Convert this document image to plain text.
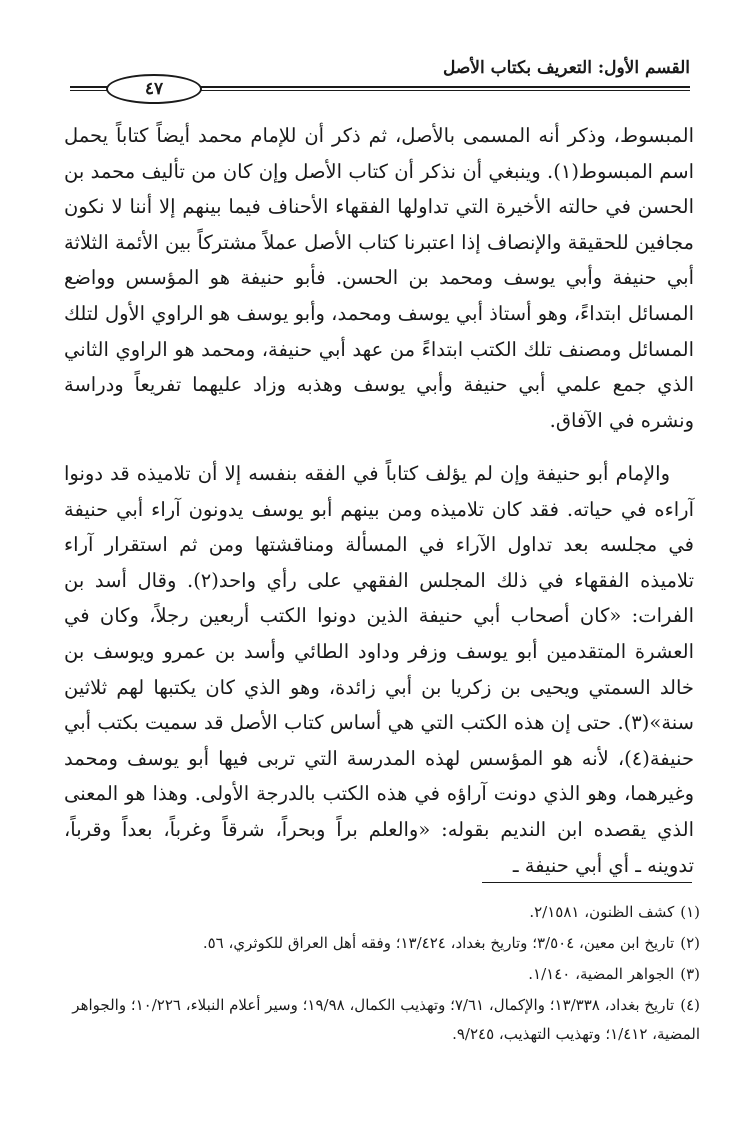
القسم الأول: التعريف بكتاب الأصل
٤٧

المبسوط، وذكر أنه المسمى بالأصل، ثم ذكر أن للإمام محمد أيضاً كتاباً يحمل اسم المبسوط(١). وينبغي أن نذكر أن كتاب الأصل وإن كان من تأليف محمد بن الحسن في حالته الأخيرة التي تداولها الفقهاء الأحناف فيما بينهم إلا أننا لا نكون مجافين للحقيقة والإنصاف إذا اعتبرنا كتاب الأصل عملاً مشتركاً بين الأئمة الثلاثة أبي حنيفة وأبي يوسف ومحمد بن الحسن. فأبو حنيفة هو المؤسس وواضع المسائل ابتداءً، وهو أستاذ أبي يوسف ومحمد، وأبو يوسف هو الراوي الأول لتلك المسائل ومصنف تلك الكتب ابتداءً من عهد أبي حنيفة، ومحمد هو الراوي الثاني الذي جمع علمي أبي حنيفة وأبي يوسف وهذبه وزاد عليهما تفريعاً ودراسة ونشره في الآفاق.

والإمام أبو حنيفة وإن لم يؤلف كتاباً في الفقه بنفسه إلا أن تلاميذه قد دونوا آراءه في حياته. فقد كان تلاميذه ومن بينهم أبو يوسف يدونون آراء أبي حنيفة في مجلسه بعد تداول الآراء في المسألة ومناقشتها ومن ثم استقرار آراء تلاميذه الفقهاء في ذلك المجلس الفقهي على رأي واحد(٢). وقال أسد بن الفرات: «كان أصحاب أبي حنيفة الذين دونوا الكتب أربعين رجلاً، وكان في العشرة المتقدمين أبو يوسف وزفر وداود الطائي وأسد بن عمرو ويوسف بن خالد السمتي ويحيى بن زكريا بن أبي زائدة، وهو الذي كان يكتبها لهم ثلاثين سنة»(٣). حتى إن هذه الكتب التي هي أساس كتاب الأصل قد سميت بكتب أبي حنيفة(٤)، لأنه هو المؤسس لهذه المدرسة التي تربى فيها أبو يوسف ومحمد وغيرهما، وهو الذي دونت آراؤه في هذه الكتب بالدرجة الأولى. وهذا هو المعنى الذي يقصده ابن النديم بقوله: «والعلم براً وبحراً، شرقاً وغرباً، بعداً وقرباً، تدوينه ـ أي أبي حنيفة ـ

(١)كشف الظنون، ٢/١٥٨١.
(٢)تاريخ ابن معين، ٣/٥٠٤؛ وتاريخ بغداد، ١٣/٤٢٤؛ وفقه أهل العراق للكوثري، ٥٦.
(٣)الجواهر المضية، ١/١٤٠.
(٤)تاريخ بغداد، ١٣/٣٣٨؛ والإكمال، ٧/٦١؛ وتهذيب الكمال، ١٩/٩٨؛ وسير أعلام النبلاء، ١٠/٢٢٦؛ والجواهر المضية، ١/٤١٢؛ وتهذيب التهذيب، ٩/٢٤٥.
